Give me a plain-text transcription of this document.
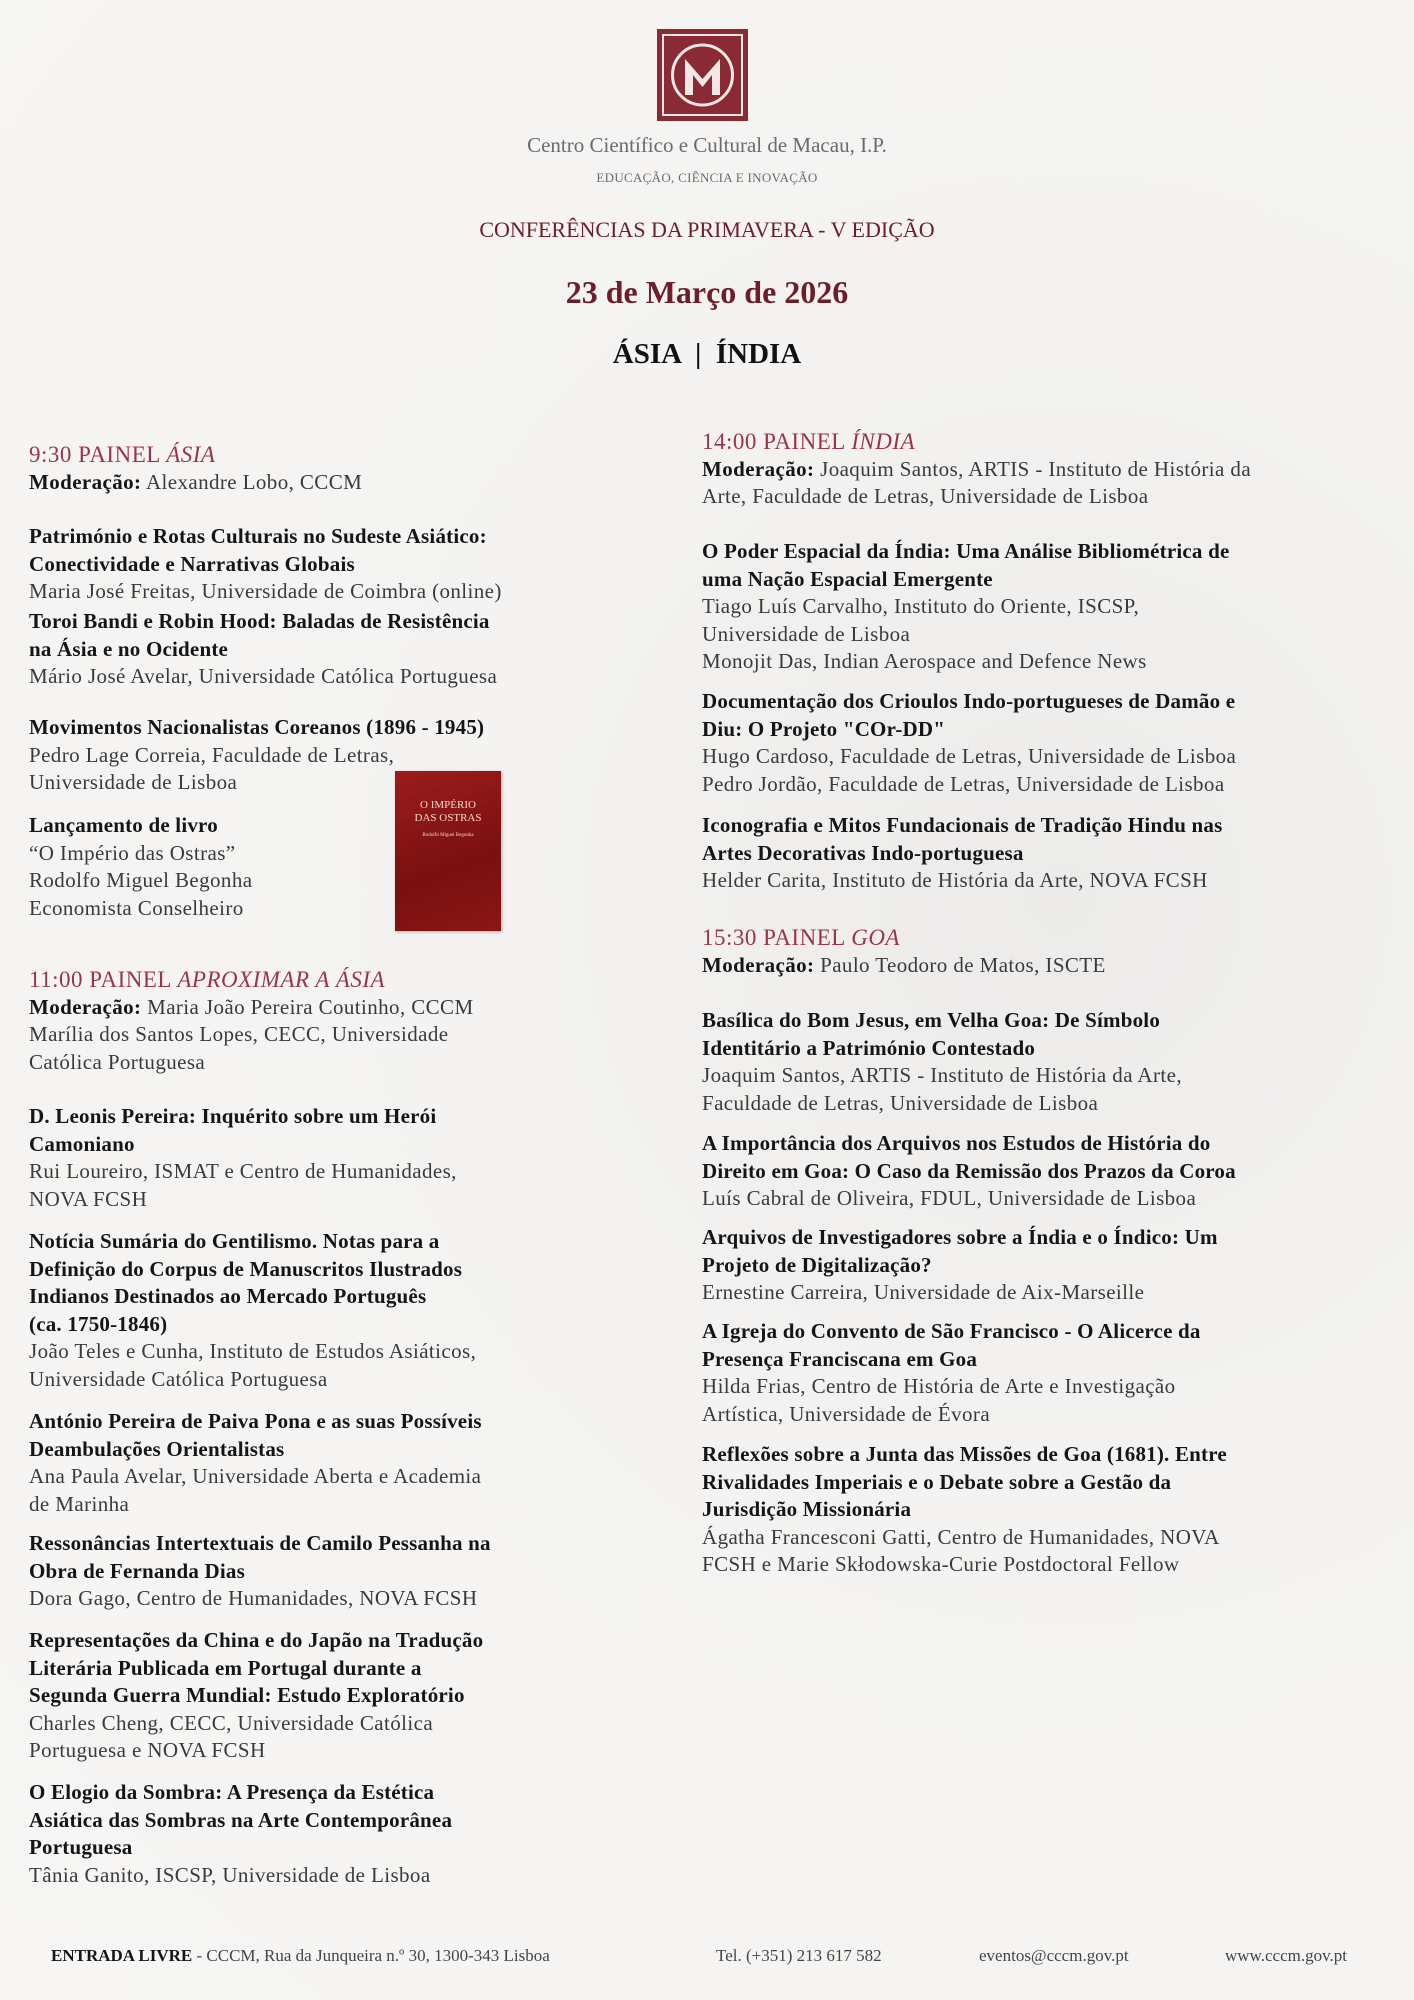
Centro Científico e Cultural de Macau, I.P.
EDUCAÇÃO, CIÊNCIA E INOVAÇÃO
CONFERÊNCIAS DA PRIMAVERA - V EDIÇÃO
23 de Março de 2026
ÁSIA  |  ÍNDIA
9:30 PAINEL ÁSIA
Moderação: Alexandre Lobo, CCCM
Património e Rotas Culturais no Sudeste Asiático:
Conectividade e Narrativas Globais
Maria José Freitas, Universidade de Coimbra (online)
Toroi Bandi e Robin Hood: Baladas de Resistência
na Ásia e no Ocidente
Mário José Avelar, Universidade Católica Portuguesa
Movimentos Nacionalistas Coreanos (1896 - 1945)
Pedro Lage Correia, Faculdade de Letras,
Universidade de Lisboa
Lançamento de livro
“O Império das Ostras”
Rodolfo Miguel Begonha
Economista Conselheiro
11:00 PAINEL APROXIMAR A ÁSIA
Moderação: Maria João Pereira Coutinho, CCCM
Marília dos Santos Lopes, CECC, Universidade
Católica Portuguesa
D. Leonis Pereira: Inquérito sobre um Herói
Camoniano
Rui Loureiro, ISMAT e Centro de Humanidades,
NOVA FCSH
Notícia Sumária do Gentilismo. Notas para a
Definição do Corpus de Manuscritos Ilustrados
Indianos Destinados ao Mercado Português
(ca. 1750-1846)
João Teles e Cunha, Instituto de Estudos Asiáticos,
Universidade Católica Portuguesa
António Pereira de Paiva Pona e as suas Possíveis
Deambulações Orientalistas
Ana Paula Avelar, Universidade Aberta e Academia
de Marinha
Ressonâncias Intertextuais de Camilo Pessanha na
Obra de Fernanda Dias
Dora Gago, Centro de Humanidades, NOVA FCSH
Representações da China e do Japão na Tradução
Literária Publicada em Portugal durante a
Segunda Guerra Mundial: Estudo Exploratório
Charles Cheng, CECC, Universidade Católica
Portuguesa e NOVA FCSH
O Elogio da Sombra: A Presença da Estética
Asiática das Sombras na Arte Contemporânea
Portuguesa
Tânia Ganito, ISCSP, Universidade de Lisboa
14:00 PAINEL ÍNDIA
Moderação: Joaquim Santos, ARTIS - Instituto de História da
Arte, Faculdade de Letras, Universidade de Lisboa
O Poder Espacial da Índia: Uma Análise Bibliométrica de
uma Nação Espacial Emergente
Tiago Luís Carvalho, Instituto do Oriente, ISCSP,
Universidade de Lisboa
Monojit Das, Indian Aerospace and Defence News
Documentação dos Crioulos Indo-portugueses de Damão e
Diu: O Projeto "COr-DD"
Hugo Cardoso, Faculdade de Letras, Universidade de Lisboa
Pedro Jordão, Faculdade de Letras, Universidade de Lisboa
Iconografia e Mitos Fundacionais de Tradição Hindu nas
Artes Decorativas Indo-portuguesa
Helder Carita, Instituto de História da Arte, NOVA FCSH
15:30 PAINEL GOA
Moderação: Paulo Teodoro de Matos, ISCTE
Basílica do Bom Jesus, em Velha Goa: De Símbolo
Identitário a Património Contestado
Joaquim Santos, ARTIS - Instituto de História da Arte,
Faculdade de Letras, Universidade de Lisboa
A Importância dos Arquivos nos Estudos de História do
Direito em Goa: O Caso da Remissão dos Prazos da Coroa
Luís Cabral de Oliveira, FDUL, Universidade de Lisboa
Arquivos de Investigadores sobre a Índia e o Índico: Um
Projeto de Digitalização?
Ernestine Carreira, Universidade de Aix-Marseille
A Igreja do Convento de São Francisco - O Alicerce da
Presença Franciscana em Goa
Hilda Frias, Centro de História de Arte e Investigação
Artística, Universidade de Évora
Reflexões sobre a Junta das Missões de Goa (1681). Entre
Rivalidades Imperiais e o Debate sobre a Gestão da
Jurisdição Missionária
Ágatha Francesconi Gatti, Centro de Humanidades, NOVA
FCSH e Marie Skłodowska-Curie Postdoctoral Fellow
O IMPÉRIO
DAS OSTRAS
Rodolfo Miguel Begonha
ENTRADA LIVRE - CCCM, Rua da Junqueira n.º 30, 1300-343 Lisboa	Tel. (+351) 213 617 582	eventos@cccm.gov.pt	www.cccm.gov.pt
